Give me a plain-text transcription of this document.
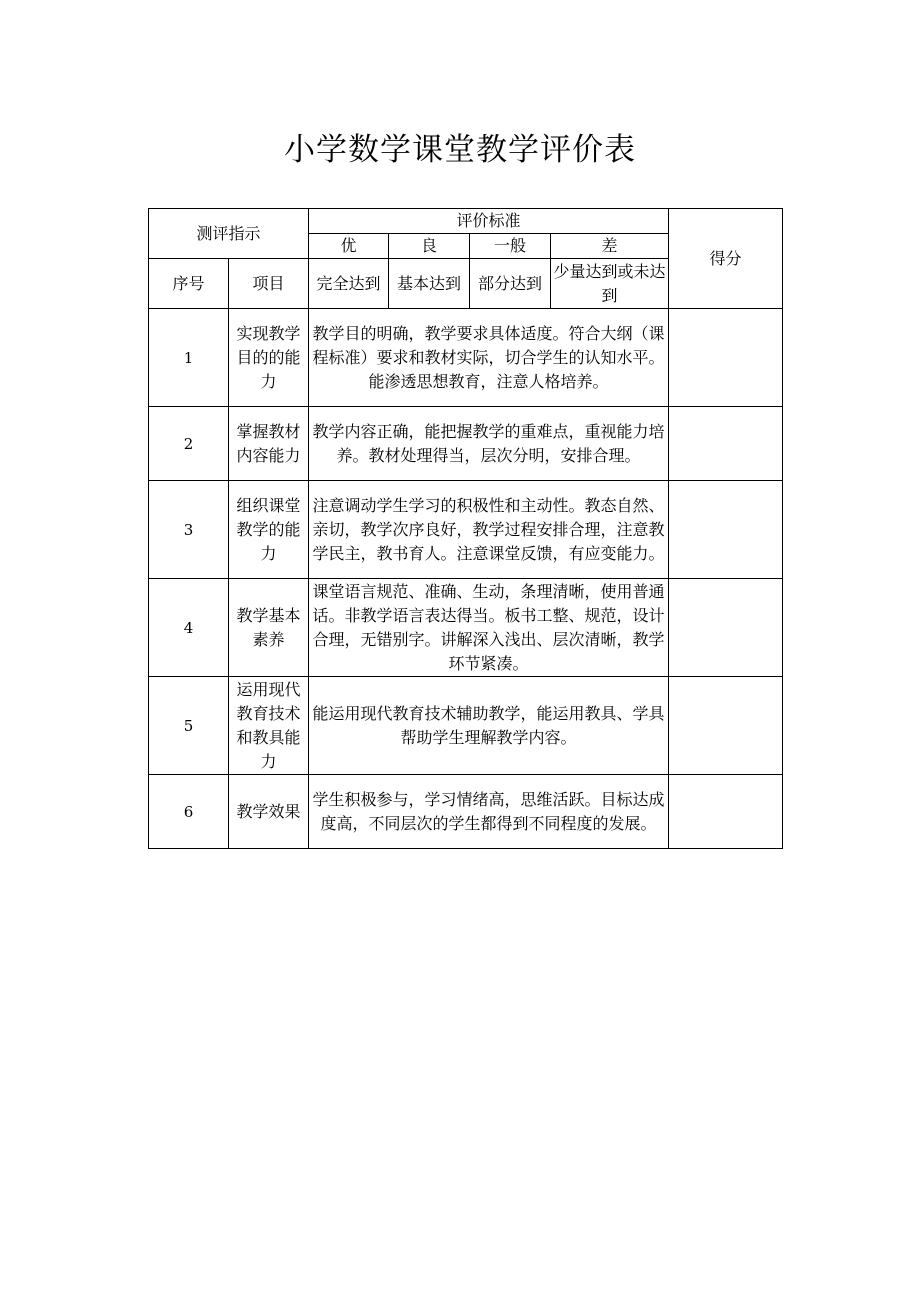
小学数学课堂教学评价表
测评指示		评价标准				得分
		优	良	一般	差	
序号	项目	完全达到	基本达到	部分达到	少量达到或未达到	
1	实现教学目的的能力	教学目的明确，教学要求具体适度。符合大纲（课程标准）要求和教材实际，切合学生的认知水平。能渗透思想教育，注意人格培养。				
2	掌握教材内容能力	教学内容正确，能把握教学的重难点，重视能力培养。教材处理得当，层次分明，安排合理。				
3	组织课堂教学的能力	注意调动学生学习的积极性和主动性。教态自然、亲切，教学次序良好，教学过程安排合理，注意教学民主，教书育人。注意课堂反馈，有应变能力。				
4	教学基本素养	课堂语言规范、准确、生动，条理清晰，使用普通话。非教学语言表达得当。板书工整、规范，设计合理，无错别字。讲解深入浅出、层次清晰，教学环节紧凑。				
5	运用现代教育技术和教具能力	能运用现代教育技术辅助教学，能运用教具、学具帮助学生理解教学内容。				
6	教学效果	学生积极参与，学习情绪高，思维活跃。目标达成度高，不同层次的学生都得到不同程度的发展。				
